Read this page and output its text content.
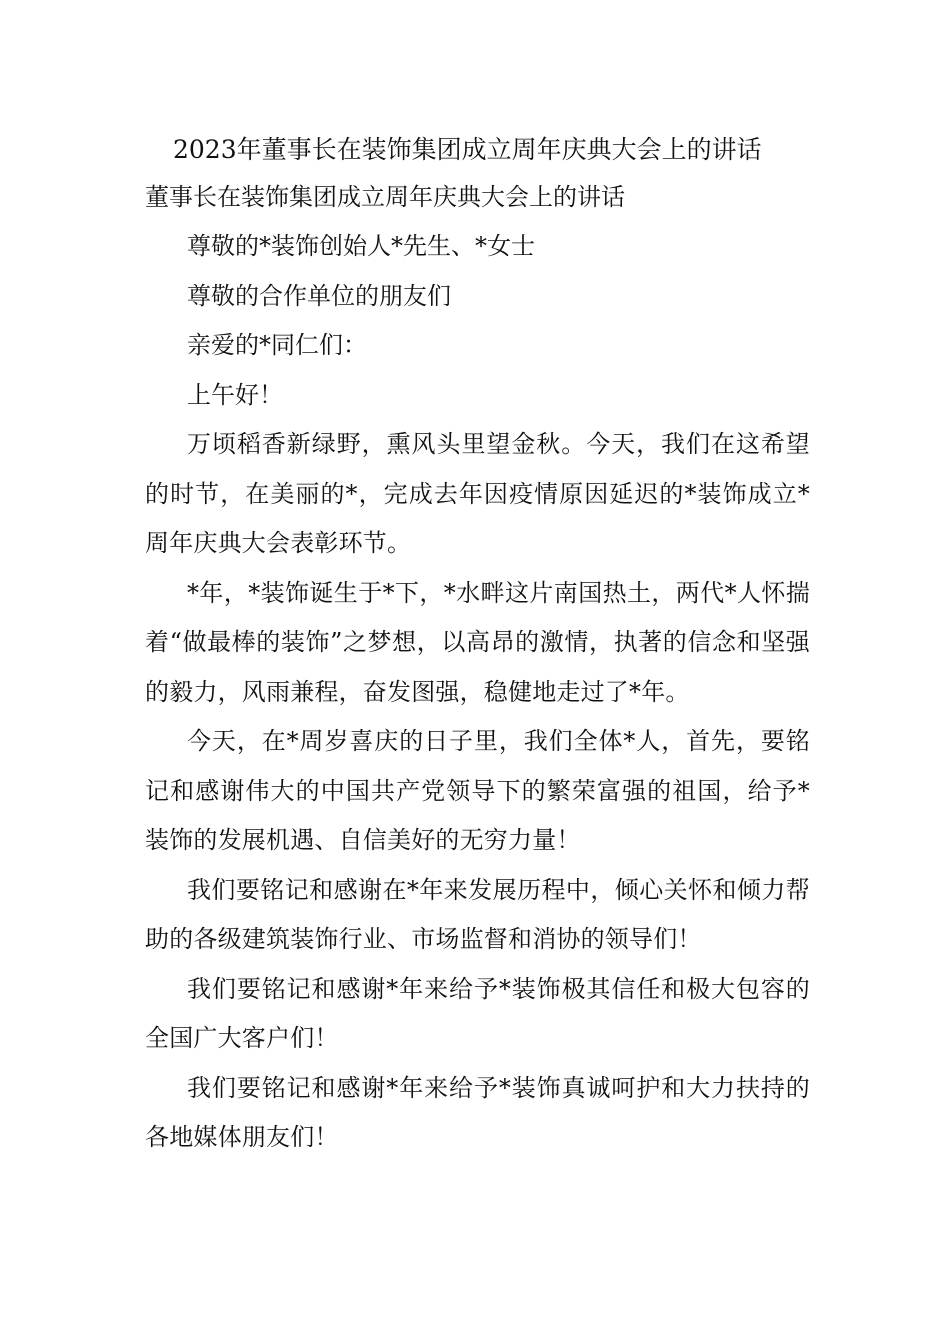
2023年董事长在装饰集团成立周年庆典大会上的讲话
董事长在装饰集团成立周年庆典大会上的讲话

尊敬的*装饰创始人*先生、*女士

尊敬的合作单位的朋友们

亲爱的*同仁们：

上午好！

万顷稻香新绿野，熏风头里望金秋。今天，我们在这希望的时节，在美丽的*，完成去年因疫情原因延迟的*装饰成立*周年庆典大会表彰环节。

*年，*装饰诞生于*下，*水畔这片南国热土，两代*人怀揣着“做最棒的装饰”之梦想，以高昂的激情，执著的信念和坚强的毅力，风雨兼程，奋发图强，稳健地走过了*年。

今天，在*周岁喜庆的日子里，我们全体*人，首先，要铭记和感谢伟大的中国共产党领导下的繁荣富强的祖国，给予*装饰的发展机遇、自信美好的无穷力量！

我们要铭记和感谢在*年来发展历程中，倾心关怀和倾力帮助的各级建筑装饰行业、市场监督和消协的领导们！

我们要铭记和感谢*年来给予*装饰极其信任和极大包容的全国广大客户们！

我们要铭记和感谢*年来给予*装饰真诚呵护和大力扶持的各地媒体朋友们！
